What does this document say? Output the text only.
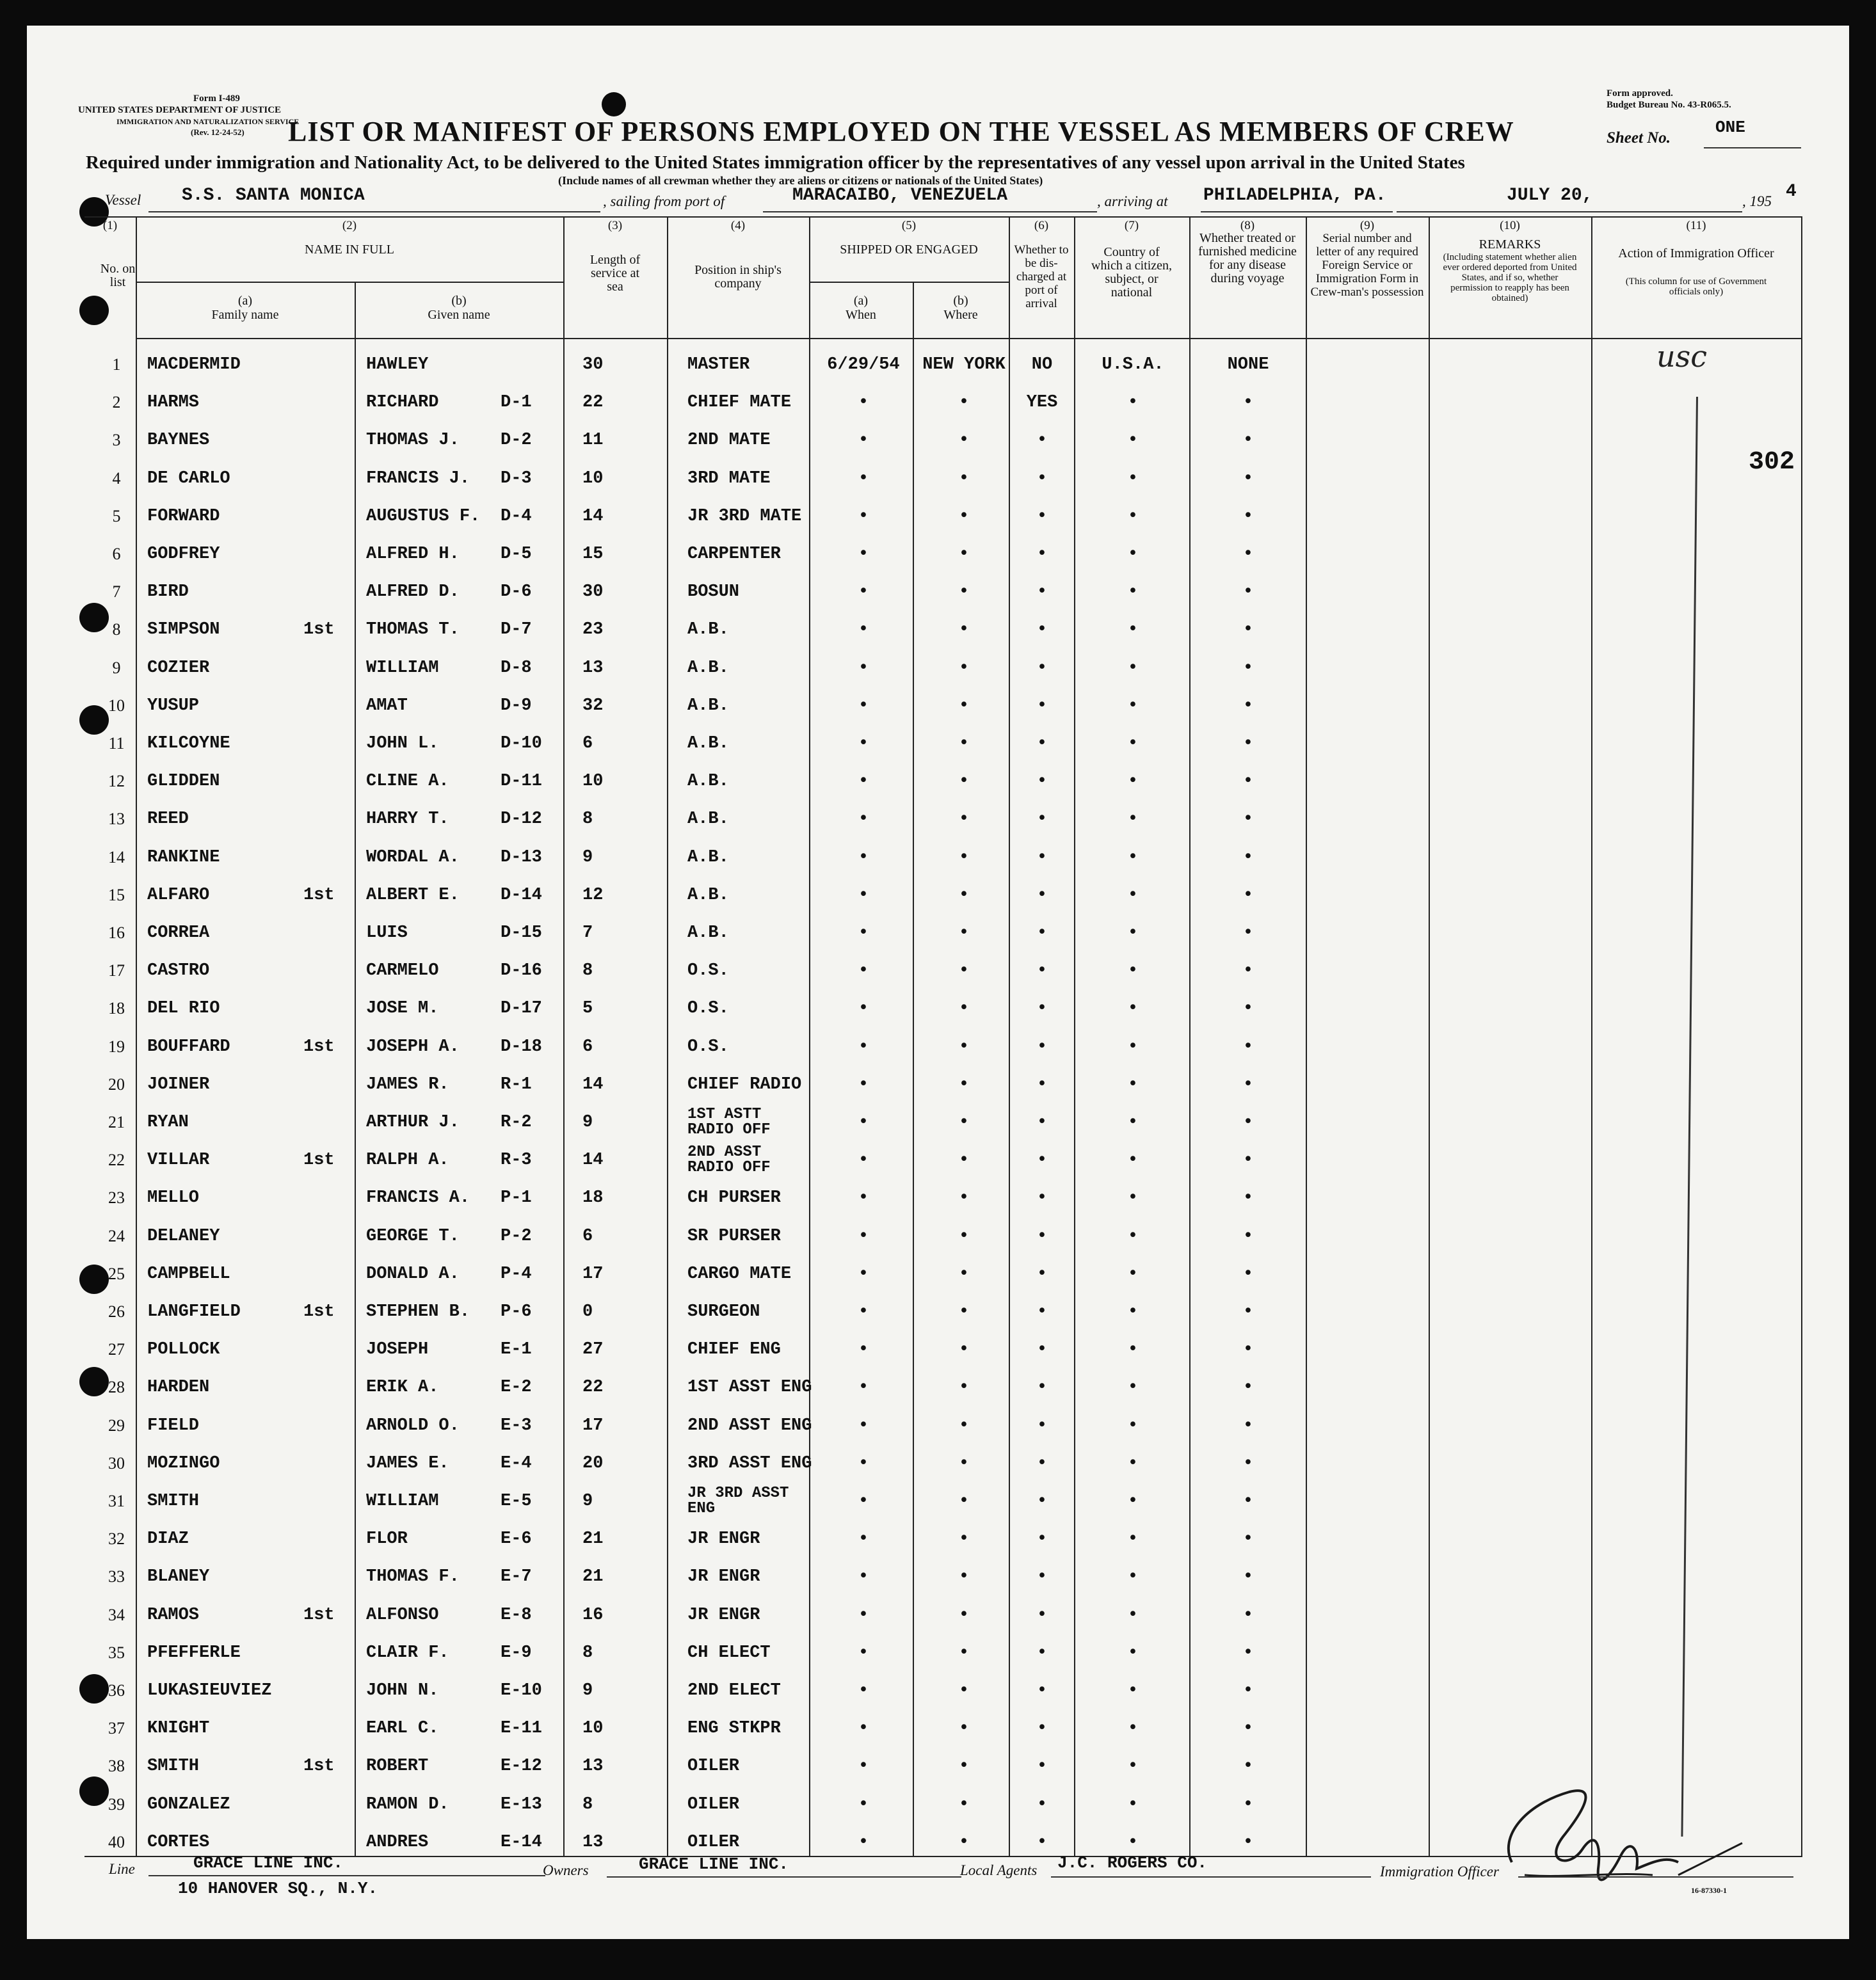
Form I-489
UNITED STATES DEPARTMENT OF JUSTICE
IMMIGRATION AND NATURALIZATION SERVICE
(Rev. 12-24-52)
Form approved.
Budget Bureau No. 43-R065.5.
LIST OR MANIFEST OF PERSONS EMPLOYED ON THE VESSEL AS MEMBERS OF CREW	Sheet No.
ONE
Required under immigration and Nationality Act, to be delivered to the United States immigration officer by the representatives of any vessel upon arrival in the United States
(Include names of all crewman whether they are aliens or citizens or nationals of the United States)
Vessel S.S. SANTA MONICA	, sailing from port of	MARACAIBO, VENEZUELA	, arriving at PHILADELPHIA, PA.	JULY 20,	, 195 4
(1)	(2)	(3)	(4)	(5)	(6)	(7)	(8)	(9)	(10)	(11)
No. on list
NAME IN FULL
(a)
Family name
(b)
Given name
Length of service at sea
Position in ship's company
SHIPPED OR ENGAGED
(a)
When
(b)
Where
Whether to be dis-charged at port of arrival
Country of which a citizen, subject, or national
Whether treated or furnished medicine for any disease during voyage
Serial number and letter of any required Foreign Service or Immigration Form in Crew-man's possession
REMARKS
(Including statement whether alien ever ordered deported from United States, and if so, whether permission to reapply has been obtained)
Action of Immigration Officer
(This column for use of Government officials only)
1	MACDERMID	HAWLEY	30	MASTER	6/29/54	NEW YORK	NO	U.S.A.	NONE
2	HARMS	RICHARD	D-1	22	CHIEF MATE	•	•	YES	•	•
3	BAYNES	THOMAS J. D-2	11	2ND MATE	•	•	•	•	•
4	DE CARLO	FRANCIS J. D-3	10	3RD MATE	•	•	•	•	•
5	FORWARD	AUGUSTUS F. D-4	14	JR 3RD MATE	•	•	•	•	•
6	GODFREY	ALFRED H. D-5	15	CARPENTER	•	•	•	•	•
7	BIRD	ALFRED D. D-6	30	BOSUN	•	•	•	•	•
8	SIMPSON	1st THOMAS T. D-7	23	A.B.	•	•	•	•	•
9	COZIER	WILLIAM	D-8	13	A.B.	•	•	•	•	•
10	YUSUP	AMAT	D-9	32	A.B.	•	•	•	•	•
11	KILCOYNE	JOHN L.	D-10 6	A.B.	•	•	•	•	•
12	GLIDDEN	CLINE A.	D-11 10	A.B.	•	•	•	•	•
13	REED	HARRY T.	D-12 8	A.B.	•	•	•	•	•
14	RANKINE	WORDAL A. D-13 9	A.B.	•	•	•	•	•
15	ALFARO	1st ALBERT E. D-14 12	A.B.	•	•	•	•	•
16	CORREA	LUIS	D-15 7	A.B.	•	•	•	•	•
17	CASTRO	CARMELO	D-16 8	O.S.	•	•	•	•	•
18	DEL RIO	JOSE M.	D-17 5	O.S.	•	•	•	•	•
19	BOUFFARD	1st JOSEPH A. D-18 6	O.S.	•	•	•	•	•
20	JOINER	JAMES R.	R-1	14	CHIEF RADIO	•	•	•	•	•
21	RYAN	ARTHUR J. R-2	9	1ST ASTT RADIO OFF	•	•	•	•	•
22	VILLAR	1st RALPH A.	R-3	14	2ND ASST RADIO OFF	•	•	•	•	•
23	MELLO	FRANCIS A. P-1	18	CH PURSER	•	•	•	•	•
24	DELANEY	GEORGE T. P-2	6	SR PURSER	•	•	•	•	•
25	CAMPBELL	DONALD A. P-4	17	CARGO MATE	•	•	•	•	•
26	LANGFIELD	1st STEPHEN B. P-6	0	SURGEON	•	•	•	•	•
27	POLLOCK	JOSEPH	E-1	27	CHIEF ENG	•	•	•	•	•
28	HARDEN	ERIK A.	E-2	22	1ST ASST ENG	•	•	•	•	•
29	FIELD	ARNOLD O. E-3	17	2ND ASST ENG	•	•	•	•	•
30	MOZINGO	JAMES E.	E-4	20	3RD ASST ENG	•	•	•	•	•
31	SMITH	WILLIAM	E-5	9	JR 3RD ASST ENG	•	•	•	•	•
32	DIAZ	FLOR	E-6	21	JR ENGR	•	•	•	•	•
33	BLANEY	THOMAS F. E-7	21	JR ENGR	•	•	•	•	•
34	RAMOS	1st ALFONSO	E-8	16	JR ENGR	•	•	•	•	•
35	PFEFFERLE	CLAIR F.	E-9	8	CH ELECT	•	•	•	•	•
36	LUKASIEUVIEZ	JOHN N.	E-10 9	2ND ELECT	•	•	•	•	•
37	KNIGHT	EARL C.	E-11 10	ENG STKPR	•	•	•	•	•
38	SMITH	1st ROBERT	E-12 13	OILER	•	•	•	•	•
39	GONZALEZ	RAMON D.	E-13 8	OILER	•	•	•	•	•
40	CORTES	ANDRES	E-14 13	OILER	•	•	•	•	•
usc
302
Line	GRACE LINE INC.
10 HANOVER SQ., N.Y.
Owners	GRACE LINE INC.	Local Agents J.C. ROGERS CO.	Immigration Officer
16-87330-1
